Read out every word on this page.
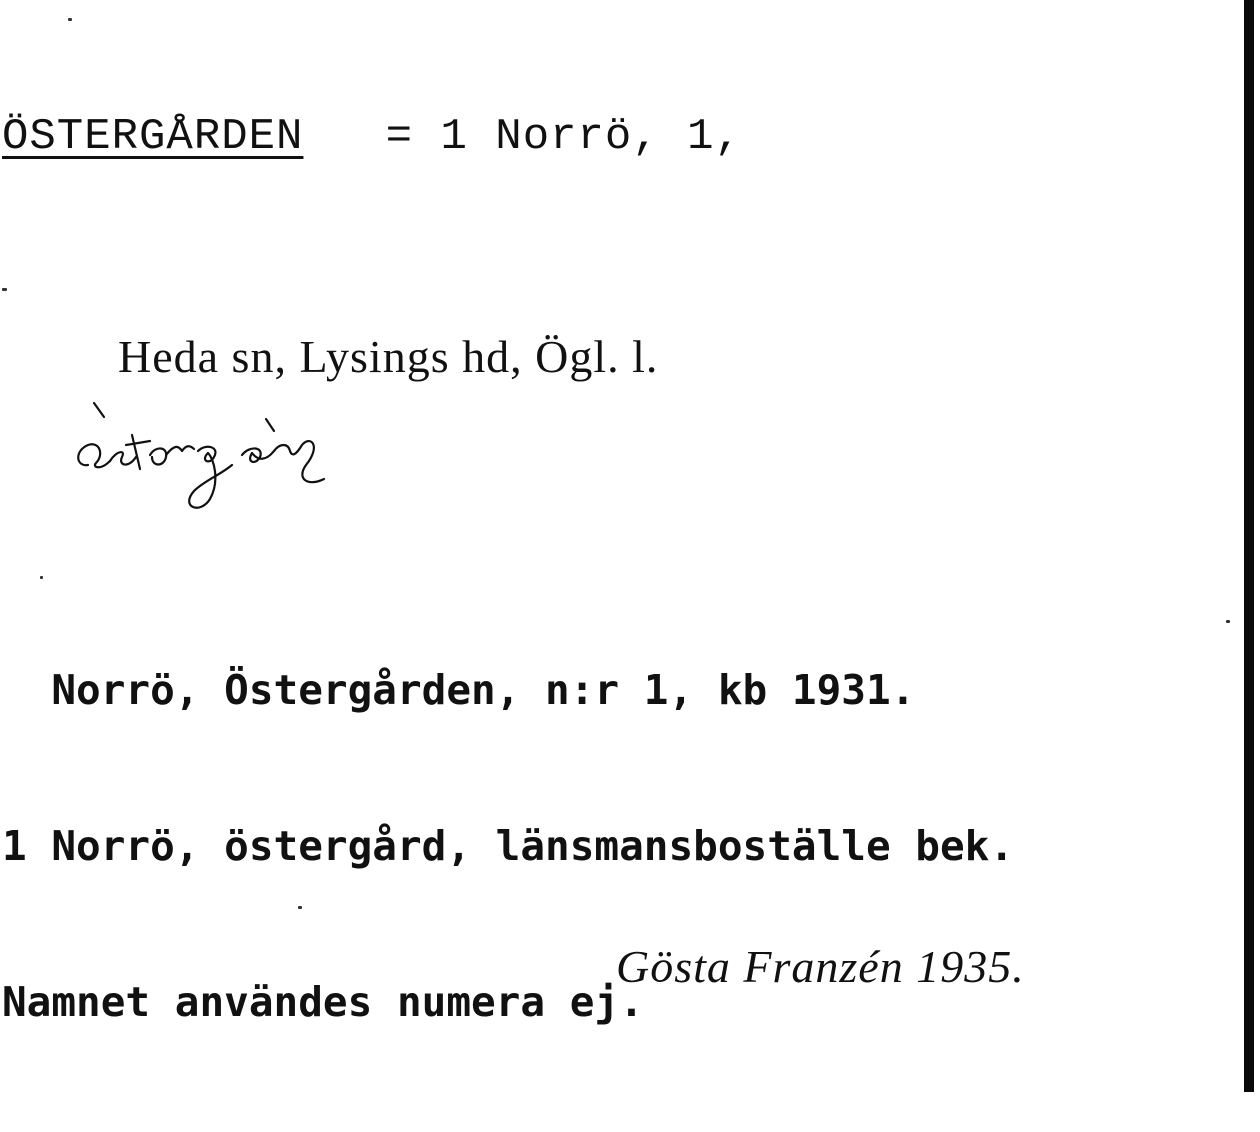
ÖSTERGÅRDEN = 1 Norrö, 1,
Heda sn, Lysings hd, Ögl. l.
östorgån

Norrö, Östergården, n:r 1, kb 1931.

1 Norrö, östergård, länsmansboställe bek.

Namnet användes numera ej.

Gösta Franzén 1935.
